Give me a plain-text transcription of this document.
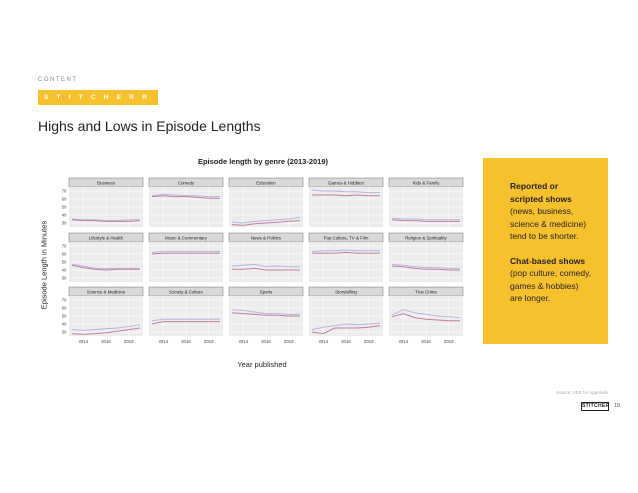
CONTENT
S T I T C H E R R E P O R T 2 0 2 0
Highs and Lows in Episode Lengths
Episode length by genre (2013-2019)
Episode Length in Minutes
Year published
Business
30
40
50
60
70
Comedy	Education	Games & Hobbies	Kids & Family
Lifestyle & Health
30
40
50
60
70
Music & Commentary	News & Politics	Pop Culture, TV & Film	Religion & Spirituality
Science & Medicine
30
40
50
60
70
2014	2016	2018
Society & Culture
2014	2016	2018
Sports
2014	2016	2018
Storytelling
2014	2016	2018
True Crime
2014	2016	2018

Reported or scripted shows (news, business, science & medicine) tend to be shorter.

Chat-based shows (pop culture, comedy, games & hobbies) are longer.

Source: SEE for Appendix
STITCHER 18
